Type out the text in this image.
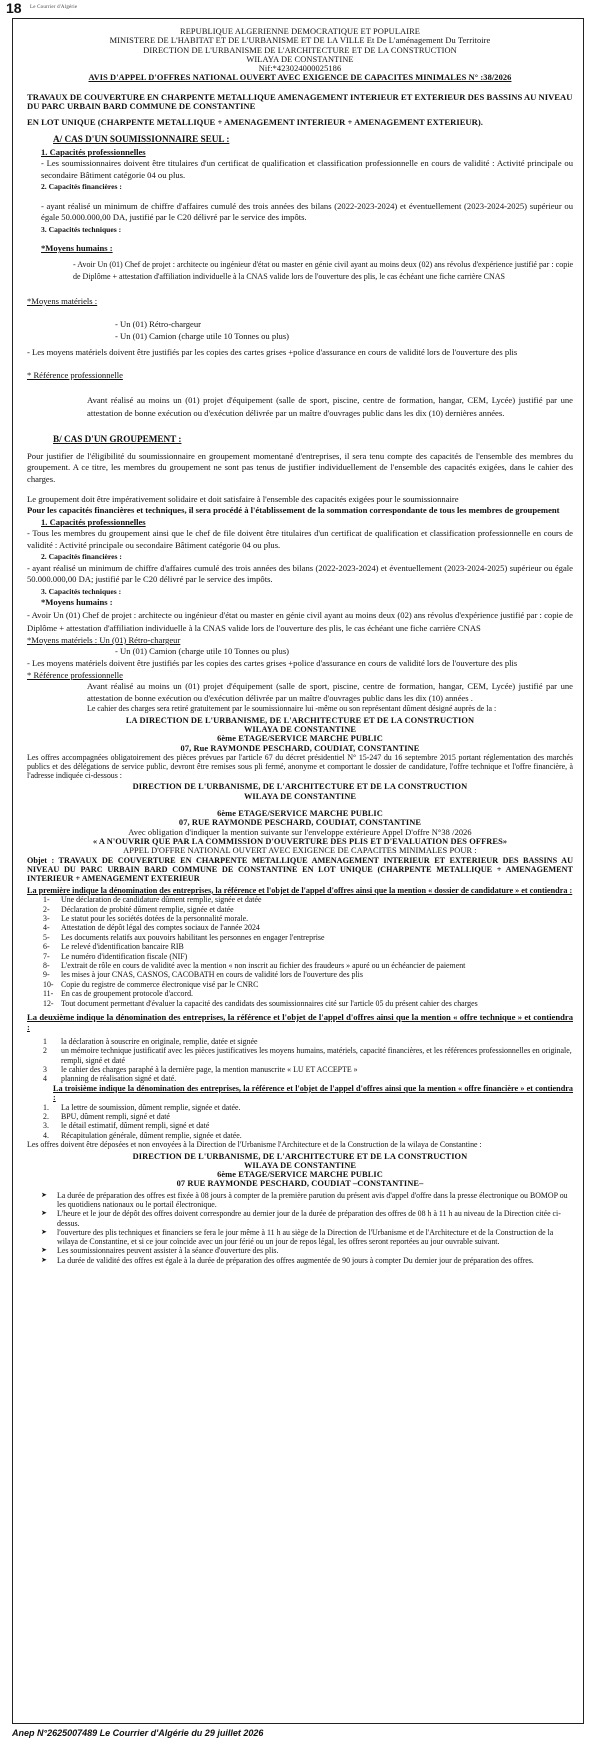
18 Le Courrier d'Algérie
REPUBLIQUE ALGERIENNE DEMOCRATIQUE ET POPULAIRE
MINISTERE DE L'HABITAT ET DE L'URBANISME ET DE LA VILLE Et De L'aménagement Du Territoire
DIRECTION DE L'URBANISME DE L'ARCHITECTURE ET DE LA CONSTRUCTION
WILAYA DE CONSTANTINE
Nif:*423024000025186
AVIS D'APPEL D'OFFRES NATIONAL OUVERT AVEC EXIGENCE DE CAPACITES MINIMALES N° :38/2026
TRAVAUX DE COUVERTURE EN CHARPENTE METALLIQUE AMENAGEMENT INTERIEUR ET EXTERIEUR DES BASSINS AU NIVEAU DU PARC URBAIN BARD COMMUNE DE CONSTANTINE
EN LOT UNIQUE (CHARPENTE METALLIQUE + AMENAGEMENT INTERIEUR + AMENAGEMENT EXTERIEUR).
A/ CAS D'UN SOUMISSIONNAIRE SEUL :
1. Capacités professionnelles

- Les soumissionnaires doivent être titulaires d'un certificat de qualification et classification professionnelle en cours de validité : Activité principale ou secondaire Bâtiment catégorie 04 ou plus.

2. Capacités financières :

- ayant réalisé un minimum de chiffre d'affaires cumulé des trois années des bilans (2022-2023-2024) et éventuellement (2023-2024-2025) supérieur ou égale 50.000.000,00 DA, justifié par le C20 délivré par le service des impôts.

3. Capacités techniques :
*Moyens humains :

- Avoir Un (01) Chef de projet : architecte ou ingénieur d'état ou master en génie civil ayant au moins deux (02) ans révolus d'expérience justifié par : copie de Diplôme + attestation d'affiliation individuelle à la CNAS valide lors de l'ouverture des plis, le cas échéant une fiche carrière CNAS

*Moyens matériels :
- Un (01) Rétro-chargeur
- Un (01) Camion (charge utile 10 Tonnes ou plus)

- Les moyens matériels doivent être justifiés par les copies des cartes grises +police d'assurance en cours de validité lors de l'ouverture des plis

* Référence professionnelle

Avant réalisé au moins un (01) projet d'équipement (salle de sport, piscine, centre de formation, hangar, CEM, Lycée) justifié par une attestation de bonne exécution ou d'exécution délivrée par un maître d'ouvrages public dans les dix (10) dernières années.

B/ CAS D'UN GROUPEMENT :

Pour justifier de l'éligibilité du soumissionnaire en groupement momentané d'entreprises, il sera tenu compte des capacités de l'ensemble des membres du groupement. A ce titre, les membres du groupement ne sont pas tenus de justifier individuellement de l'ensemble des capacités exigées, dans le cahier des charges.

Le groupement doit être impérativement solidaire et doit satisfaire à l'ensemble des capacités exigées pour le soumissionnaire

Pour les capacités financières et techniques, il sera procédé à l'établissement de la sommation correspondante de tous les membres de groupement

1. Capacités professionnelles

- Tous les membres du groupement ainsi que le chef de file doivent être titulaires d'un certificat de qualification et classification professionnelle en cours de validité : Activité principale ou secondaire Bâtiment catégorie 04 ou plus.

2. Capacités financières :

- ayant réalisé un minimum de chiffre d'affaires cumulé des trois années des bilans (2022-2023-2024) et éventuellement (2023-2024-2025) supérieur ou égale 50.000.000,00 DA; justifié par le C20 délivré par le service des impôts.

3. Capacités techniques :
*Moyens humains :

- Avoir Un (01) Chef de projet : architecte ou ingénieur d'état ou master en génie civil ayant au moins deux (02) ans révolus d'expérience justifié par : copie de Diplôme + attestation d'affiliation individuelle à la CNAS valide lors de l'ouverture des plis, le cas échéant une fiche carrière CNAS

*Moyens matériels : Un (01) Rétro-chargeur
- Un (01) Camion (charge utile 10 Tonnes ou plus)

- Les moyens matériels doivent être justifiés par les copies des cartes grises +police d'assurance en cours de validité lors de l'ouverture des plis

* Référence professionnelle

Avant réalisé au moins un (01) projet d'équipement (salle de sport, piscine, centre de formation, hangar, CEM, Lycée) justifié par une attestation de bonne exécution ou d'exécution délivrée par un maître d'ouvrages public dans les dix (10) années .

Le cahier des charges sera retiré gratuitement par le soumissionnaire lui -même ou son représentant dûment désigné auprès de la :

LA DIRECTION DE L'URBANISME, DE L'ARCHITECTURE ET DE LA CONSTRUCTION
WILAYA DE CONSTANTINE
6ème ETAGE/SERVICE MARCHE PUBLIC
07, Rue RAYMONDE PESCHARD, COUDIAT, CONSTANTINE

Les offres accompagnées obligatoirement des pièces prévues par l'article 67 du décret présidentiel N° 15-247 du 16 septembre 2015 portant réglementation des marchés publics et des délégations de service public, devront être remises sous pli fermé, anonyme et comportant le dossier de candidature, l'offre technique et l'offre financière, à l'adresse indiquée ci-dessous :

DIRECTION DE L'URBANISME, DE L'ARCHITECTURE ET DE LA CONSTRUCTION
WILAYA DE CONSTANTINE
6ème ETAGE/SERVICE MARCHE PUBLIC
07, RUE RAYMONDE PESCHARD, COUDIAT, CONSTANTINE
Avec obligation d'indiquer la mention suivante sur l'enveloppe extérieure Appel D'offre N°38 /2026
« A N'OUVRIR QUE PAR LA COMMISSION D'OUVERTURE DES PLIS ET D'EVALUATION DES OFFRES»
APPEL D'OFFRE NATIONAL OUVERT AVEC EXIGENCE DE CAPACITES MINIMALES POUR :

Objet : TRAVAUX DE COUVERTURE EN CHARPENTE METALLIQUE AMENAGEMENT INTERIEUR ET EXTERIEUR DES BASSINS AU NIVEAU DU PARC URBAIN BARD COMMUNE DE CONSTANTINE EN LOT UNIQUE (CHARPENTE METALLIQUE + AMENAGEMENT INTERIEUR + AMENAGEMENT EXTERIEUR

La première indique la dénomination des entreprises, la référence et l'objet de l'appel d'offres ainsi que la mention « dossier de candidature » et contiendra :

1- Une déclaration de candidature dûment remplie, signée et datée
2- Déclaration de probité dûment remplie, signée et datée
3- Le statut pour les sociétés dotées de la personnalité morale.
4- Attestation de dépôt légal des comptes sociaux de l'année 2024
5- Les documents relatifs aux pouvoirs habilitant les personnes en engager l'entreprise
6- Le relevé d'identification bancaire RIB
7- Le numéro d'identification fiscale (NIF)
8- L'extrait de rôle en cours de validité avec la mention « non inscrit au fichier des fraudeurs » apuré ou un échéancier de paiement
9- les mises à jour CNAS, CASNOS, CACOBATH en cours de validité lors de l'ouverture des plis
10- Copie du registre de commerce électronique visé par le CNRC
11- En cas de groupement protocole d'accord.
12- Tout document permettant d'évaluer la capacité des candidats des soumissionnaires cité sur l'article 05 du présent cahier des charges

La deuxième indique la dénomination des entreprises, la référence et l'objet de l'appel d'offres ainsi que la mention « offre technique » et contiendra :

1 la déclaration à souscrire en originale, remplie, datée et signée
2 un mémoire technique justificatif avec les pièces justificatives les moyens humains, matériels, capacité financières, et les références professionnelles en originale, rempli, signé et daté
3 le cahier des charges paraphé à la dernière page, la mention manuscrite « LU ET ACCEPTE »
4 planning de réalisation signé et daté.

La troisième indique la dénomination des entreprises, la référence et l'objet de l'appel d'offres ainsi que la mention « offre financière » et contiendra :

1. La lettre de soumission, dûment remplie, signée et datée.
2. BPU, dûment rempli, signé et daté
3. le détail estimatif, dûment rempli, signé et daté
4. Récapitulation générale, dûment remplie, signée et datée.

Les offres doivent être déposées et non envoyées à la Direction de l'Urbanisme l'Architecture et de la Construction de la wilaya de Constantine :

DIRECTION DE L'URBANISME, DE L'ARCHITECTURE ET DE LA CONSTRUCTION
WILAYA DE CONSTANTINE
6ème ETAGE/SERVICE MARCHE PUBLIC
07 RUE RAYMONDE PESCHARD, COUDIAT –CONSTANTINE–
➤ La durée de préparation des offres est fixée à 08 jours à compter de la première parution du présent avis d'appel d'offre dans la presse électronique ou BOMOP ou les quotidiens nationaux ou le portail électronique.
➤ L'heure et le jour de dépôt des offres doivent correspondre au dernier jour de la durée de préparation des offres de 08 h à 11 h au niveau de la Direction citée ci-dessus.
➤ l'ouverture des plis techniques et financiers se fera le jour même à 11 h au siège de la Direction de l'Urbanisme et de l'Architecture et de la Construction de la wilaya de Constantine, et si ce jour coïncide avec un jour férié ou un jour de repos légal, les offres seront reportées au jour ouvrable suivant.
➤ Les soumissionnaires peuvent assister à la séance d'ouverture des plis.
➤ La durée de validité des offres est égale à la durée de préparation des offres augmentée de 90 jours à compter Du dernier jour de préparation des offres.
Anep N°2625007489 Le Courrier d'Algérie du 29 juillet 2026
